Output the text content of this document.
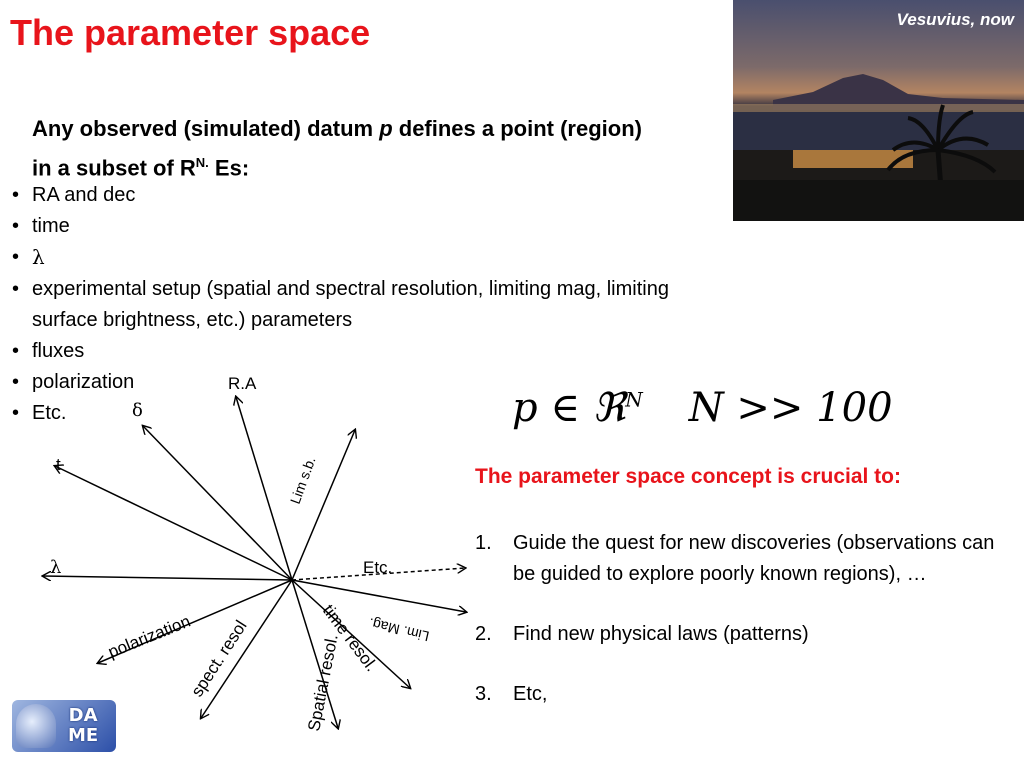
The parameter space	Vesuvius, now
Any observed (simulated) datum p defines a point (region)
in a subset of $R^{N.}$ Es:
• RA and dec
• time
• λ
• experimental setup (spatial and spectral resolution, limiting mag, limiting surface brightness, etc.) parameters
• fluxes
• polarization
• Etc.
R.A
δ
t
λ	Etc.
Lim s.b.
Lim. Mag.
polarization
spect. resol	Spatial resol.
time resol.
p ∈ ℜ$^N$ N >> 100
The parameter space concept is crucial to:
1. Guide the quest for new discoveries (observations can be guided to explore poorly known regions), …
2. Find new physical laws (patterns)
3. Etc,
DA
ME
